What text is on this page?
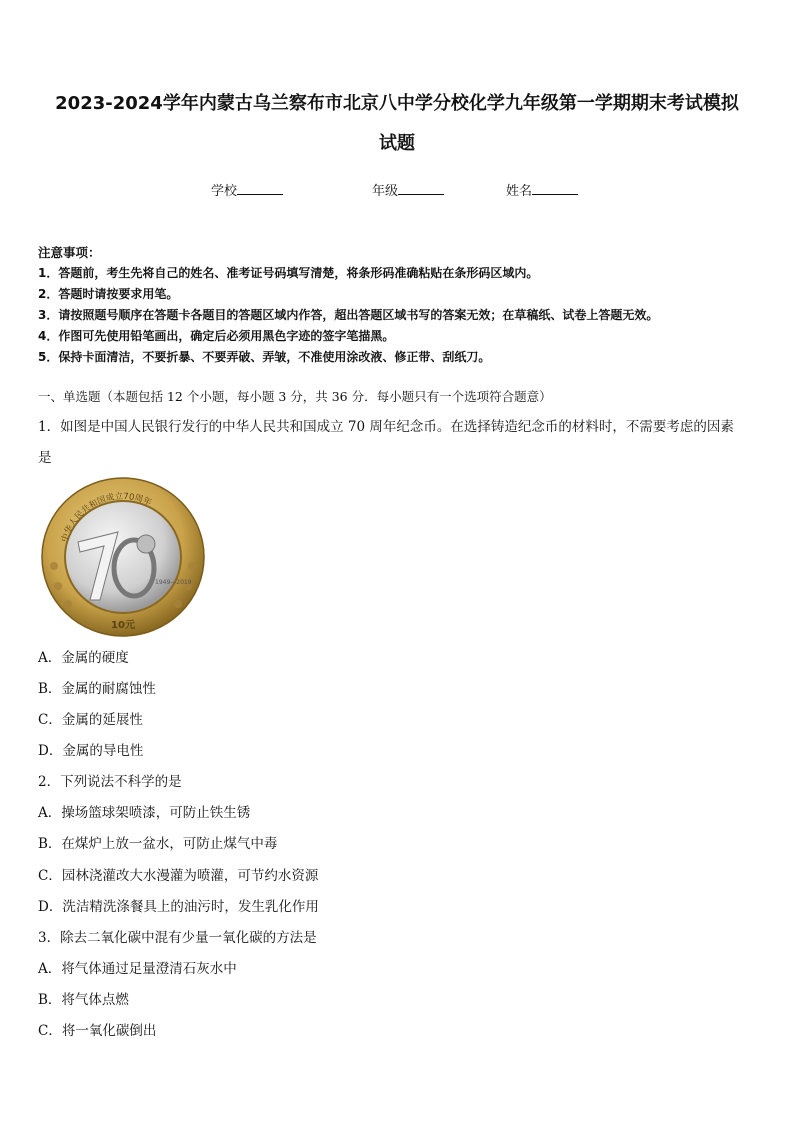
2023-2024学年内蒙古乌兰察布市北京八中学分校化学九年级第一学期期末考试模拟
试题
学校	年级	姓名
注意事项：
1．答题前，考生先将自己的姓名、准考证号码填写清楚，将条形码准确粘贴在条形码区域内。
2．答题时请按要求用笔。
3．请按照题号顺序在答题卡各题目的答题区域内作答，超出答题区域书写的答案无效；在草稿纸、试卷上答题无效。
4．作图可先使用铅笔画出，确定后必须用黑色字迹的签字笔描黑。
5．保持卡面清洁，不要折暴、不要弄破、弄皱，不准使用涂改液、修正带、刮纸刀。
一、单选题（本题包括 12 个小题，每小题 3 分，共 36 分．每小题只有一个选项符合题意）
1．如图是中国人民银行发行的中华人民共和国成立 70 周年纪念币。在选择铸造纪念币的材料时，不需要考虑的因素
是
中华人民共和国成立70周年
1949—2019
10元
A．金属的硬度
B．金属的耐腐蚀性
C．金属的延展性
D．金属的导电性
2．下列说法不科学的是
A．操场篮球架喷漆，可防止铁生锈
B．在煤炉上放一盆水，可防止煤气中毒
C．园林浇灌改大水漫灌为喷灌，可节约水资源
D．洗洁精洗涤餐具上的油污时，发生乳化作用
3．除去二氧化碳中混有少量一氧化碳的方法是
A．将气体通过足量澄清石灰水中
B．将气体点燃
C．将一氧化碳倒出
